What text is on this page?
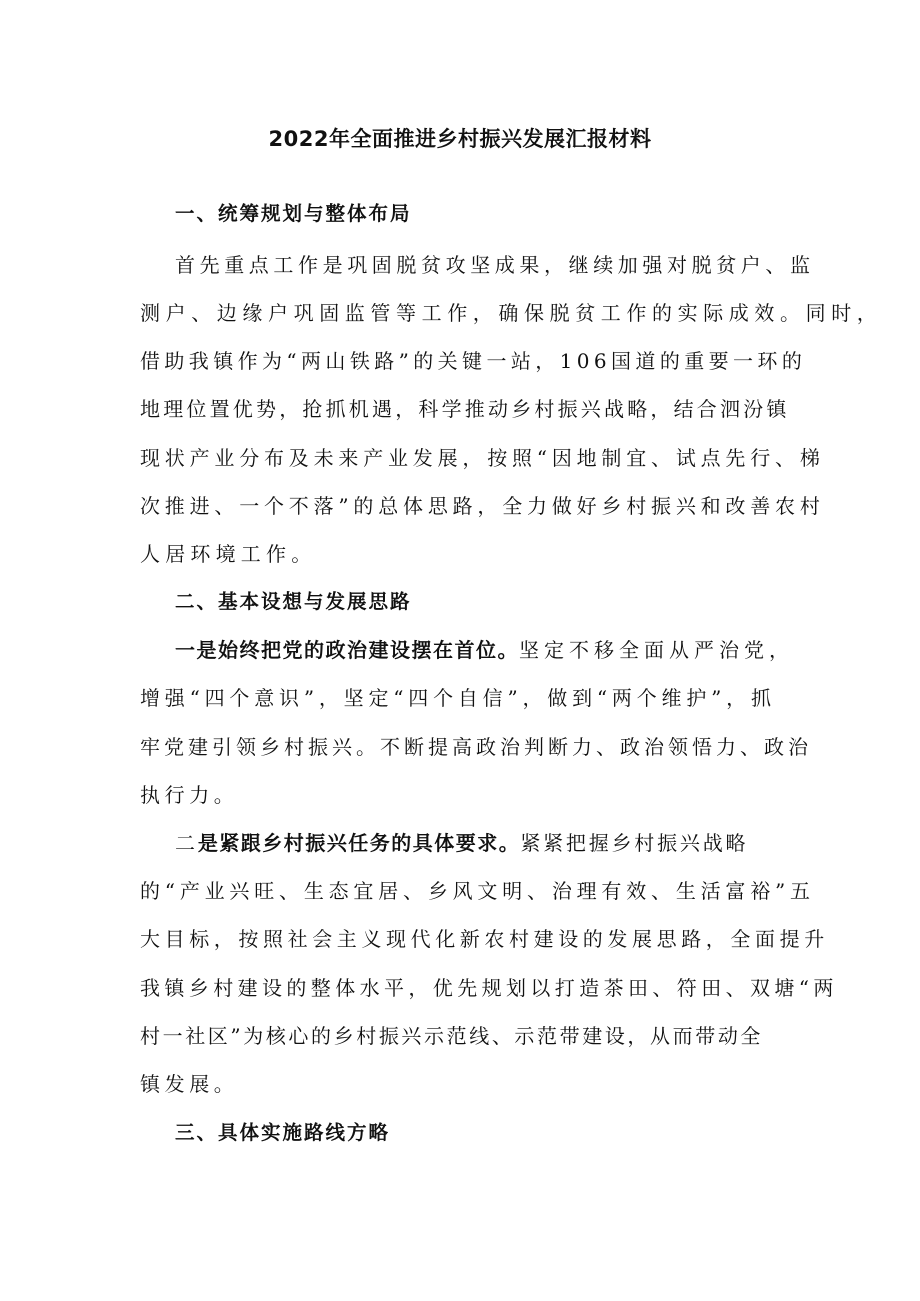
2022年全面推进乡村振兴发展汇报材料
一、统筹规划与整体布局
首先重点工作是巩固脱贫攻坚成果，继续加强对脱贫户、监
测户、边缘户巩固监管等工作，确保脱贫工作的实际成效。同时，
借助我镇作为“两山铁路”的关键一站，106国道的重要一环的
地理位置优势，抢抓机遇，科学推动乡村振兴战略，结合泗汾镇
现状产业分布及未来产业发展，按照“因地制宜、试点先行、梯
次推进、一个不落”的总体思路，全力做好乡村振兴和改善农村
人居环境工作。
二、基本设想与发展思路
一是始终把党的政治建设摆在首位。坚定不移全面从严治党，
增强“四个意识”，坚定“四个自信”，做到“两个维护”，抓
牢党建引领乡村振兴。不断提高政治判断力、政治领悟力、政治
执行力。
二是紧跟乡村振兴任务的具体要求。紧紧把握乡村振兴战略
的“产业兴旺、生态宜居、乡风文明、治理有效、生活富裕”五
大目标，按照社会主义现代化新农村建设的发展思路，全面提升
我镇乡村建设的整体水平，优先规划以打造茶田、符田、双塘“两
村一社区”为核心的乡村振兴示范线、示范带建设，从而带动全
镇发展。
三、具体实施路线方略
